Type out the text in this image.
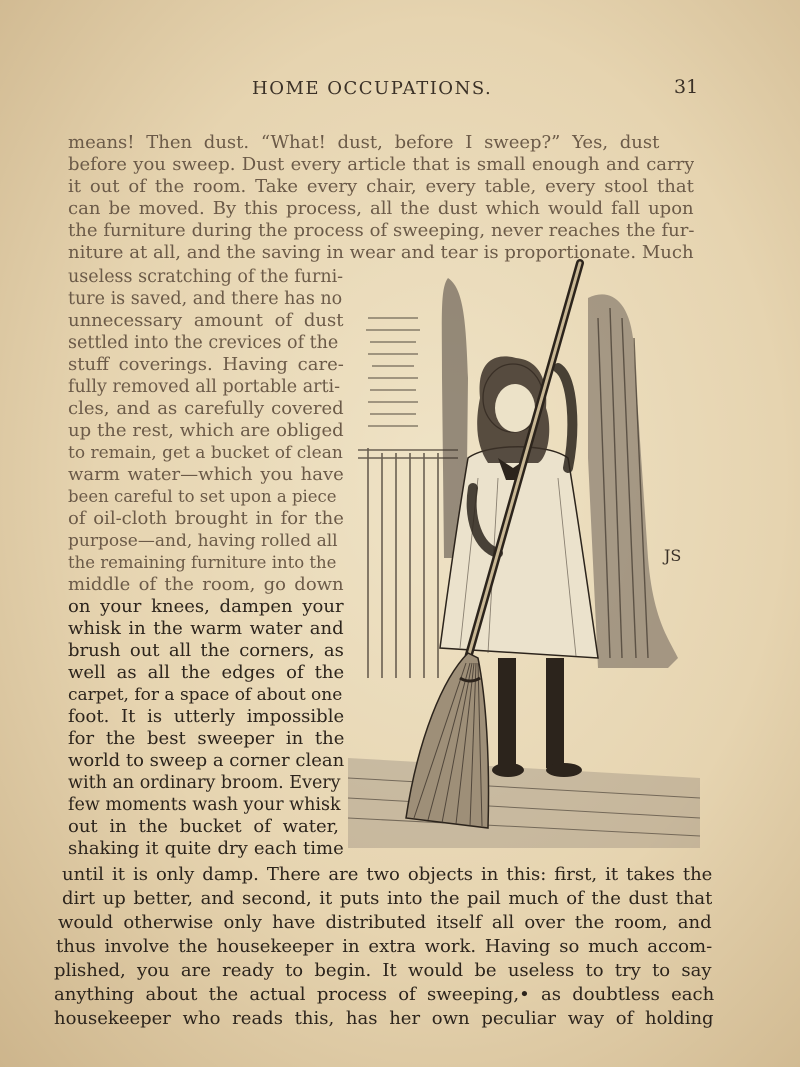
HOME OCCUPATIONS.	31
means! Then dust. “What! dust, before I sweep?” Yes, dust
before you sweep. Dust every article that is small enough and carry
it out of the room. Take every chair, every table, every stool that
can be moved. By this process, all the dust which would fall upon
the furniture during the process of sweeping, never reaches the fur-
niture at all, and the saving in wear and tear is proportionate. Much
useless scratching of the furni-
ture is saved, and there has no
unnecessary amount of dust
settled into the crevices of the
stuff coverings. Having care-
fully removed all portable arti-
cles, and as carefully covered
up the rest, which are obliged
to remain, get a bucket of clean
warm water—which you have
been careful to set upon a piece
of oil-cloth brought in for the
purpose—and, having rolled all
the remaining furniture into the
middle of the room, go down
on your knees, dampen your
whisk in the warm water and
brush out all the corners, as
well as all the edges of the
carpet, for a space of about one
foot. It is utterly impossible
for the best sweeper in the
world to sweep a corner clean
with an ordinary broom. Every
few moments wash your whisk
out in the bucket of water,
shaking it quite dry each time
until it is only damp. There are two objects in this: first, it takes the
dirt up better, and second, it puts into the pail much of the dust that
would otherwise only have distributed itself all over the room, and
thus involve the housekeeper in extra work. Having so much accom-
plished, you are ready to begin. It would be useless to try to say
anything about the actual process of sweeping,• as doubtless each
housekeeper who reads this, has her own peculiar way of holding
JS
